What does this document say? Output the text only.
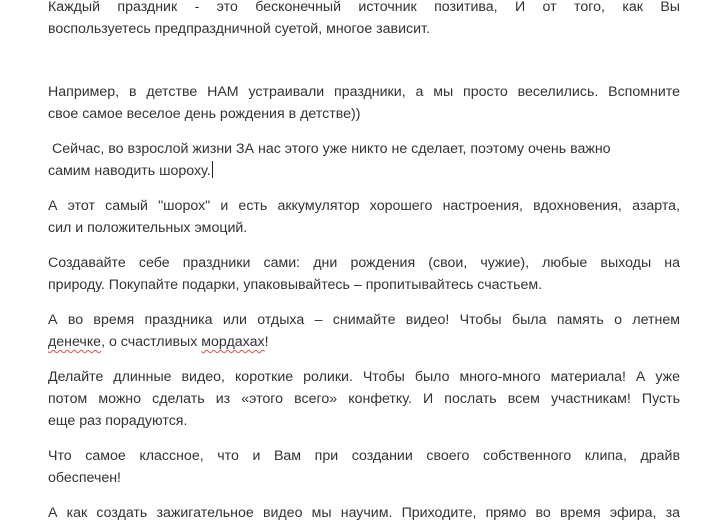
Каждый праздник - это бесконечный источник позитива, И от того, как Вы
воспользуетесь предпраздничной суетой, многое зависит.

Например, в детстве НАМ устраивали праздники, а мы просто веселились. Вспомните
свое самое веселое день рождения в детстве))

Сейчас, во взрослой жизни ЗА нас этого уже никто не сделает, поэтому очень важно
самим наводить шороху.

А этот самый "шорох" и есть аккумулятор хорошего настроения, вдохновения, азарта,
сил и положительных эмоций.

Создавайте себе праздники сами: дни рождения (свои, чужие), любые выходы на
природу. Покупайте подарки, упаковывайтесь – пропитывайтесь счастьем.

А во время праздника или отдыха – снимайте видео! Чтобы была память о летнем
денечке, о счастливых мордахах!

Делайте длинные видео, короткие ролики. Чтобы было много-много материала! А уже
потом можно сделать из «этого всего» конфетку. И послать всем участникам! Пусть
еще раз порадуются.

Что самое классное, что и Вам при создании своего собственного клипа, драйв
обеспечен!

А как создать зажигательное видео мы научим. Приходите, прямо во время эфира, за
